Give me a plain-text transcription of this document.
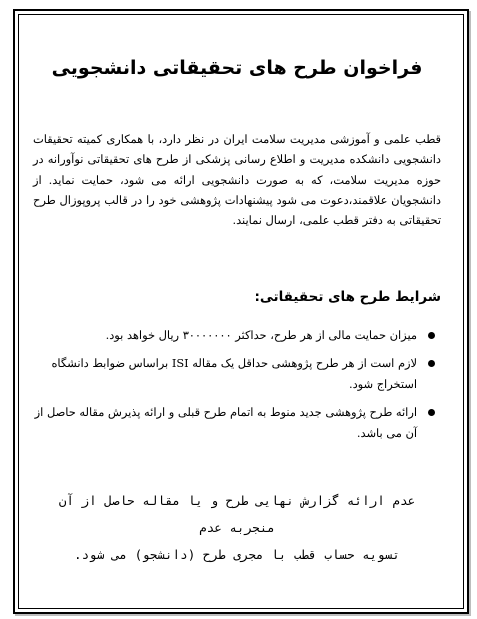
فراخوان طرح های تحقیقاتی دانشجویی
قطب علمی و آموزشی مدیریت سلامت ایران در نظر دارد، با همکاری کمیته تحقیقات دانشجویی دانشکده مدیریت و اطلاع رسانی پزشکی از طرح های تحقیقاتی نوآورانه در حوزه مدیریت سلامت، که به صورت دانشجویی ارائه می شود، حمایت نماید. از دانشجویان علاقمند،دعوت می شود پیشنهادات پژوهشی خود را در قالب پروپوزال طرح تحقیقاتی به دفتر قطب علمی، ارسال نمایند.
شرایط طرح های تحقیقاتی:
میزان حمایت مالی از هر طرح، حداکثر ۳۰۰۰۰۰۰۰ ریال خواهد بود.
لازم است از هر طرح پژوهشی حداقل یک مقاله ISI براساس ضوابط دانشگاه استخراج شود.
ارائه طرح پژوهشی جدید منوط به اتمام طرح قبلی و ارائه پذیرش مقاله حاصل از آن می باشد.
عدم ارائه گزارش نهایی طرح و یا مقاله حاصل از آن منجربه عدم
تسویه حساب قطب با مجری طرح (دانشجو) می شود.
